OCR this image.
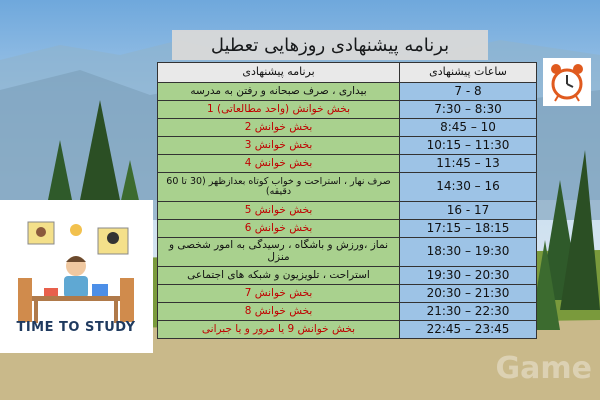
برنامه پیشنهادی روزهایی تعطیل
ساعات پیشنهادی	برنامه پیشنهادی
7 - 8	بیداری ، صرف صبحانه و رفتن به مدرسه
7:30 – 8:30	بخش خوانش (واحد مطالعاتی) 1
8:45 – 10	بخش خوانش 2
10:15 – 11:30	بخش خوانش 3
11:45 – 13	بخش خوانش 4
14:30 – 16	صرف نهار ، استراحت و خواب کوتاه بعدازظهر (30 تا 60 دقیقه)
16 - 17	بخش خوانش 5
17:15 – 18:15	بخش خوانش 6
18:30 – 19:30	نماز ،ورزش و باشگاه ، رسیدگی به امور شخصی و منزل
19:30 – 20:30	استراحت ، تلویزیون و شبکه های اجتماعی
20:30 – 21:30	بخش خوانش 7
21:30 – 22:30	بخش خوانش 8
22:45 – 23:45	بخش خوانش 9 یا مرور و یا جبرانی
TIME TO STUDY
Game
